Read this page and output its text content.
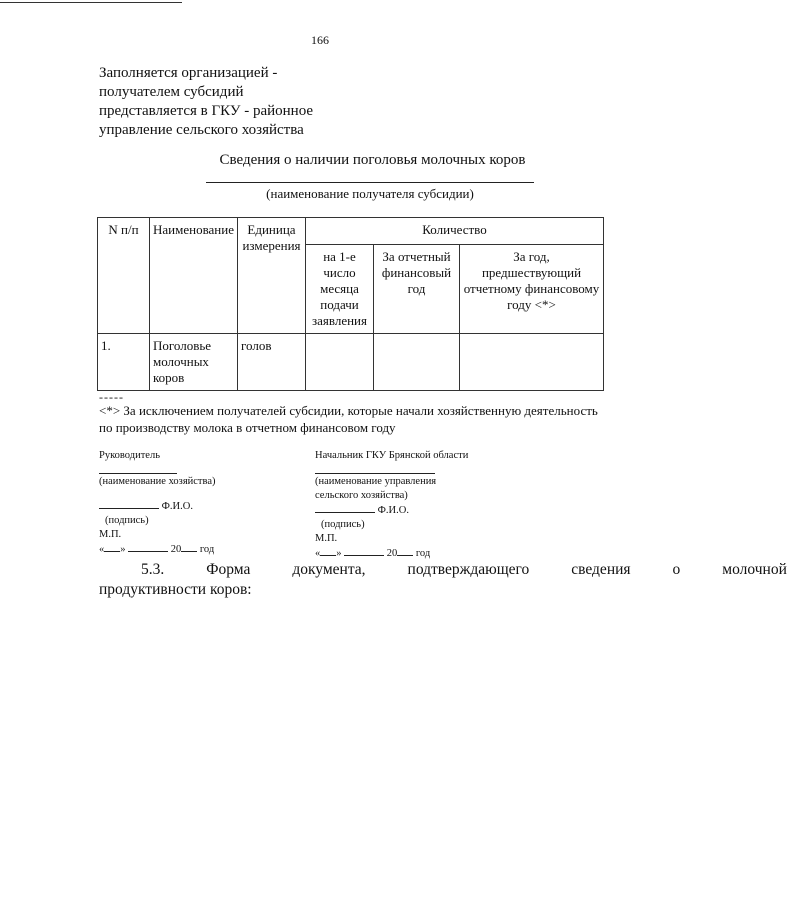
166
Заполняется организацией -
получателем субсидий
представляется в ГКУ - районное
управление сельского хозяйства
Сведения о наличии поголовья молочных коров
(наименование получателя субсидии)
N п/п	Наименование	Единица измерения	Количество		
			на 1-е число месяца подачи заявления	За отчетный финансовый год	За год, предшествующий отчетному финансовому году <*>
1.	Поголовье молочных коров	голов			
-----
<*> За исключением получателей субсидии, которые начали хозяйственную деятельность по производству молока в отчетном финансовом году
Руководитель
(наименование хозяйства)
Ф.И.О.
(подпись)
М.П.
« »	20 год
Начальник ГКУ Брянской области
(наименование управления
сельского хозяйства)
Ф.И.О.
(подпись)
М.П.
« »	20 год
5.3.	Форма	документа,	подтверждающего	сведения	о	молочной
продуктивности коров:
